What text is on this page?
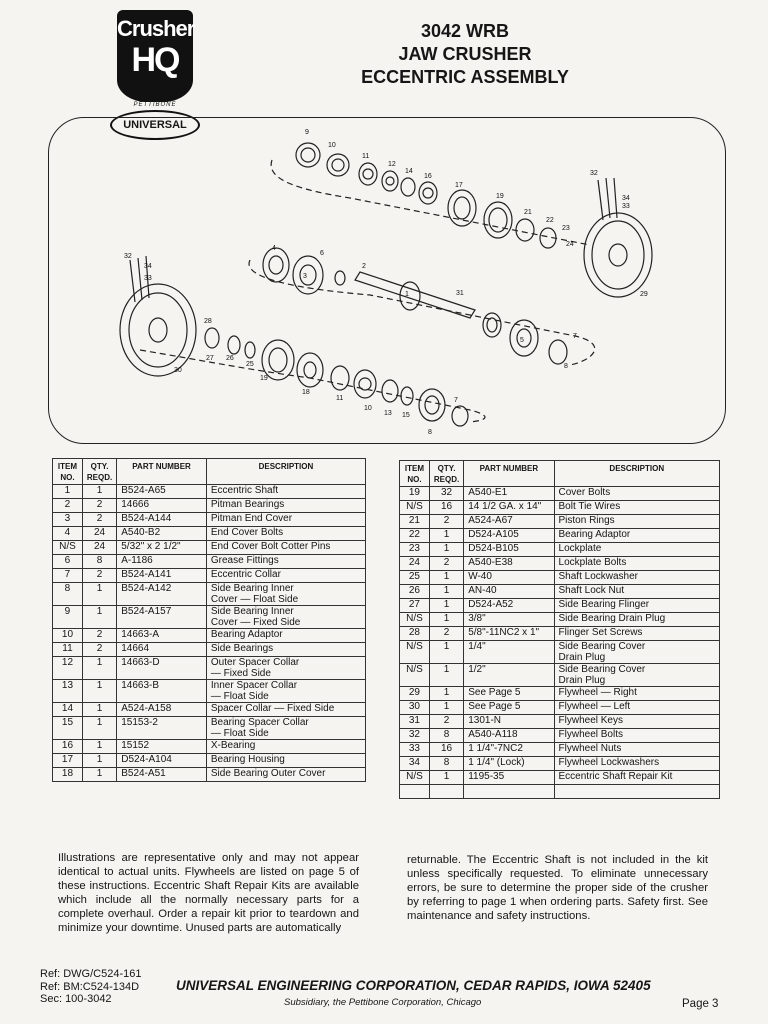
Crusher
HQ
PETTIBONE
UNIVERSAL
3042 WRB
JAW CRUSHER
ECCENTRIC ASSEMBLY
9
10
11
12
14
16
17
19
21
22
23
24
32
34
33
29
4
6
3
2
31
1
5
7
8
32
34
33
28
27 26
25
19
30
18
11
10
13 15
7
8
ITEM NO.	QTY. REQD.	PART NUMBER	DESCRIPTION
1	1	B524-A65	Eccentric Shaft
2	2	14666	Pitman Bearings
3	2	B524-A144	Pitman End Cover
4	24	A540-B2	End Cover Bolts
N/S	24	5/32" x 2 1/2"	End Cover Bolt Cotter Pins
6	8	A-1186	Grease Fittings
7	2	B524-A141	Eccentric Collar
8	1	B524-A142	Side Bearing Inner
Cover — Float Side
9	1	B524-A157	Side Bearing Inner
Cover — Fixed Side
10	2	14663-A	Bearing Adaptor
11	2	14664	Side Bearings
12	1	14663-D	Outer Spacer Collar
— Fixed Side
13	1	14663-B	Inner Spacer Collar
— Float Side
14	1	A524-A158	Spacer Collar — Fixed Side
15	1	15153-2	Bearing Spacer Collar
— Float Side
16	1	15152	X-Bearing
17	1	D524-A104	Bearing Housing
18	1	B524-A51	Side Bearing Outer Cover
ITEM NO.	QTY. REQD.	PART NUMBER	DESCRIPTION
19	32	A540-E1	Cover Bolts
N/S	16	14 1/2 GA. x 14"	Bolt Tie Wires
21	2	A524-A67	Piston Rings
22	1	D524-A105	Bearing Adaptor
23	1	D524-B105	Lockplate
24	2	A540-E38	Lockplate Bolts
25	1	W-40	Shaft Lockwasher
26	1	AN-40	Shaft Lock Nut
27	1	D524-A52	Side Bearing Flinger
N/S	1	3/8"	Side Bearing Drain Plug
28	2	5/8"-11NC2 x 1"	Flinger Set Screws
N/S	1	1/4"	Side Bearing Cover
Drain Plug
N/S	1	1/2"	Side Bearing Cover
Drain Plug
29	1	See Page 5	Flywheel — Right
30	1	See Page 5	Flywheel — Left
31	2	1301-N	Flywheel Keys
32	8	A540-A118	Flywheel Bolts
33	16	1 1/4"-7NC2	Flywheel Nuts
34	8	1 1/4" (Lock)	Flywheel Lockwashers
N/S	1	1195-35	Eccentric Shaft Repair Kit

Illustrations are representative only and may not appear identical to actual units. Flywheels are listed on page 5 of these instructions. Eccentric Shaft Repair Kits are available which include all the normally necessary parts for a complete overhaul. Order a repair kit prior to teardown and minimize your downtime. Unused parts are automatically
returnable. The Eccentric Shaft is not included in the kit unless specifically requested. To eliminate unnecessary errors, be sure to determine the proper side of the crusher by referring to page 1 when ordering parts. Safety first. See maintenance and safety instructions.
Ref: DWG/C524-161
Ref: BM:C524-134D
Sec: 100-3042
UNIVERSAL ENGINEERING CORPORATION, CEDAR RAPIDS, IOWA 52405
Subsidiary, the Pettibone Corporation, Chicago	Page 3
